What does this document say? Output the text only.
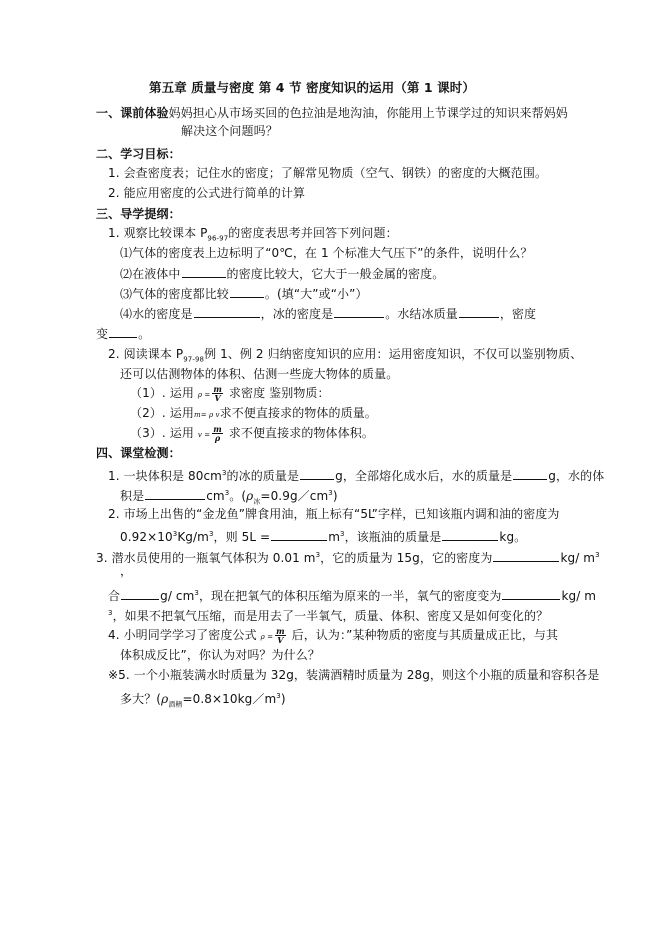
第五章 质量与密度 第 4 节 密度知识的运用（第 1 课时）
一、课前体验妈妈担心从市场买回的色拉油是地沟油，你能用上节课学过的知识来帮妈妈
解决这个问题吗？
二、学习目标：
1. 会查密度表；记住水的密度；了解常见物质（空气、钢铁）的密度的大概范围。
2. 能应用密度的公式进行简单的计算
三、导学提纲：
1. 观察比较课本 $P_{96-97}$的密度表思考并回答下列问题：
⑴气体的密度表上边标明了“0℃，在 1 个标准大气压下”的条件，说明什么？
⑵在液体中	的密度比较大，它大于一般金属的密度。
⑶气体的密度都比较	。(填“大”或“小”）
⑷水的密度是	，冰的密度是	。水结冰质量	，密度
变	。
2. 阅读课本 $P_{97-98}$例 1、例 2 归纳密度知识的应用：运用密度知识，不仅可以鉴别物质、
还可以估测物体的体积、估测一些庞大物体的质量。
（1）. 运用 $\rho = \frac{m}{V}$ 求密度 鉴别物质：
（2）. 运用m= ρ v求不便直接求的物体的质量。
（3）. 运用 $v = \frac{m}{\rho}$ 求不便直接求的物体体积。
四、课堂检测：
1. 一块体积是 $80cm^3$的冰的质量是	g，全部熔化成水后，水的质量是	g，水的体
积是	$cm^3$。$(\rho_冰=0.9g/cm^3)$
2. 市场上出售的“金龙鱼”牌食用油，瓶上标有“5L”字样，已知该瓶内调和油的密度为
$0.92\times 10^3Kg/m^3$，则 5L =	$m^3$，该瓶油的质量是	kg。
3. 潜水员使用的一瓶氧气体积为 0.01 $m^3$，它的质量为 15g，它的密度为	kg/ $m^3$
，
合	g/ $cm^3$，现在把氧气的体积压缩为原来的一半，氧气的密度变为	kg/ m
$^3$，如果不把氧气压缩，而是用去了一半氧气，质量、体积、密度又是如何变化的？
4. 小明同学学习了密度公式 $\rho = \frac{m}{V}$ 后，认为：”某种物质的密度与其质量成正比，与其
体积成反比”，你认为对吗？为什么？
※5. 一个小瓶装满水时质量为 32g，装满酒精时质量为 28g，则这个小瓶的质量和容积各是
多大？$(\rho_{酒精}=0.8\times 10kg/m^3)$
